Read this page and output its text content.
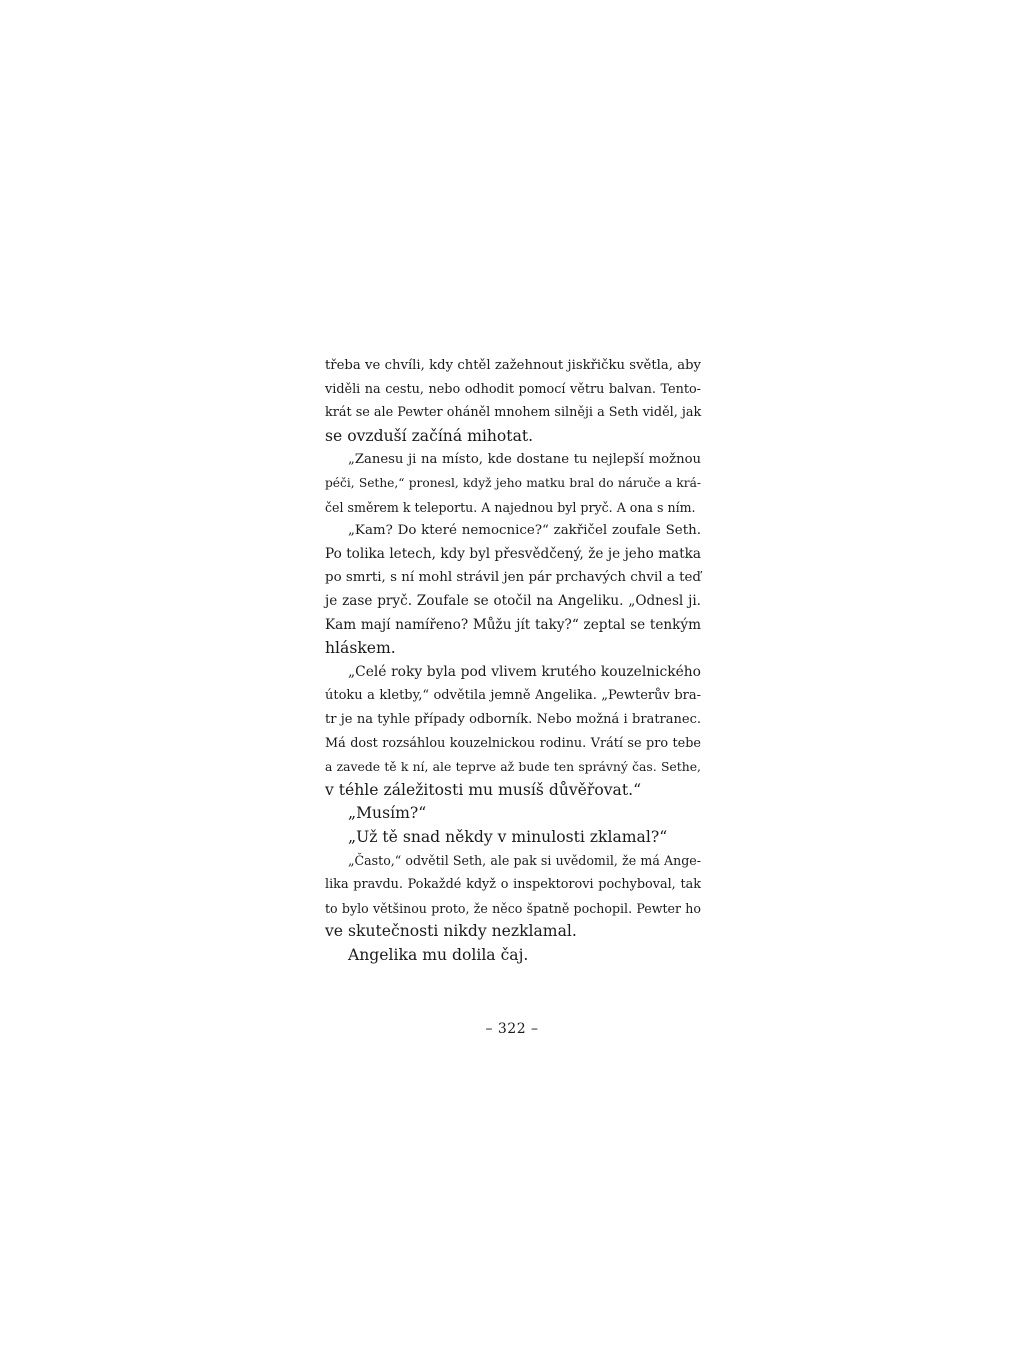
třeba ve chvíli, kdy chtěl zažehnout jiskřičku světla, aby
viděli na cestu, nebo odhodit pomocí větru balvan. Tento-
krát se ale Pewter oháněl mnohem silněji a Seth viděl, jak
se ovzduší začíná mihotat.
„Zanesu ji na místo, kde dostane tu nejlepší možnou
péči, Sethe,“ pronesl, když jeho matku bral do náruče a krá-
čel směrem k teleportu. A najednou byl pryč. A ona s ním.
„Kam? Do které nemocnice?“ zakřičel zoufale Seth.
Po tolika letech, kdy byl přesvědčený, že je jeho matka
po smrti, s ní mohl strávil jen pár prchavých chvil a teď
je zase pryč. Zoufale se otočil na Angeliku. „Odnesl ji.
Kam mají namířeno? Můžu jít taky?“ zeptal se tenkým
hláskem.
„Celé roky byla pod vlivem krutého kouzelnického
útoku a kletby,“ odvětila jemně Angelika. „Pewterův bra-
tr je na tyhle případy odborník. Nebo možná i bratranec.
Má dost rozsáhlou kouzelnickou rodinu. Vrátí se pro tebe
a zavede tě k ní, ale teprve až bude ten správný čas. Sethe,
v téhle záležitosti mu musíš důvěřovat.“
„Musím?“
„Už tě snad někdy v minulosti zklamal?“
„Často,“ odvětil Seth, ale pak si uvědomil, že má Ange-
lika pravdu. Pokaždé když o inspektorovi pochyboval, tak
to bylo většinou proto, že něco špatně pochopil. Pewter ho
ve skutečnosti nikdy nezklamal.
Angelika mu dolila čaj.
– 322 –
